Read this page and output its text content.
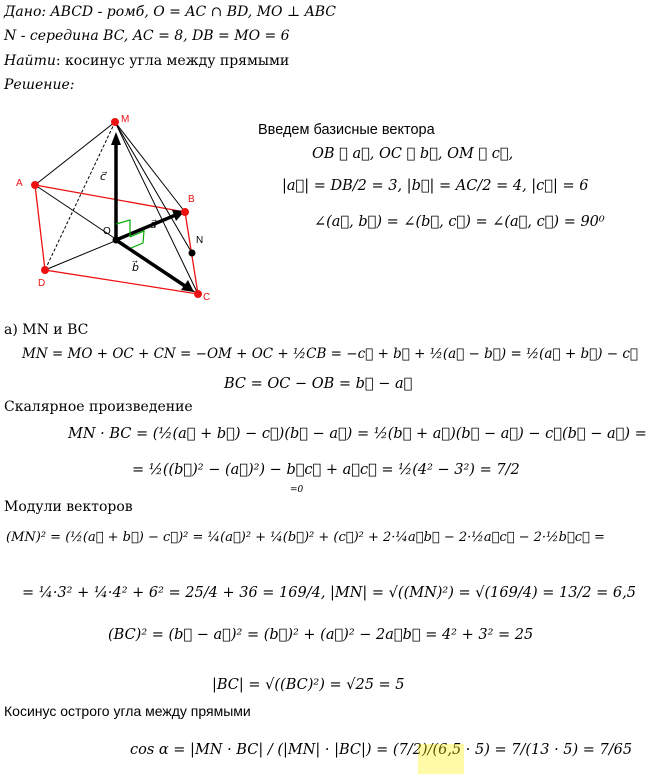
Дано: ABCD - ромб, O = AC ∩ BD, MO ⊥ ABC
N - середина BC, AC = 8, DB = MO = 6
Найти: косинус угла между прямыми
Решение:
M
A
B
C
D
O
N
c⃗
a⃗
b⃗
Введем базисные вектора
OB ≝ a⃗, OC ≝ b⃗, OM ≝ c⃗,
|a⃗| = DB/2 = 3, |b⃗| = AC/2 = 4, |c⃗| = 6
∠(a⃗, b⃗) = ∠(b⃗, c⃗) = ∠(a⃗, c⃗) = 90⁰
а) MN и BC
MN = MO + OC + CN = −OM + OC + ½CB = −c⃗ + b⃗ + ½(a⃗ − b⃗) = ½(a⃗ + b⃗) − c⃗
BC = OC − OB = b⃗ − a⃗
Скалярное произведение
MN · BC = (½(a⃗ + b⃗) − c⃗)(b⃗ − a⃗) = ½(b⃗ + a⃗)(b⃗ − a⃗) − c⃗(b⃗ − a⃗) =
= ½((b⃗)² − (a⃗)²) − b⃗c⃗ + a⃗c⃗ = ½(4² − 3²) = 7/2
=0
Модули векторов
(MN)² = (½(a⃗ + b⃗) − c⃗)² = ¼(a⃗)² + ¼(b⃗)² + (c⃗)² + 2·¼a⃗b⃗ − 2·½a⃗c⃗ − 2·½b⃗c⃗ =
= ¼·3² + ¼·4² + 6² = 25/4 + 36 = 169/4, |MN| = √((MN)²) = √(169/4) = 13/2 = 6,5
(BC)² = (b⃗ − a⃗)² = (b⃗)² + (a⃗)² − 2a⃗b⃗ = 4² + 3² = 25
|BC| = √((BC)²) = √25 = 5
Косинус острого угла между прямыми
cos α = |MN · BC| / (|MN| · |BC|) = (7/2)/(6,5 · 5) = 7/(13 · 5) = 7/65
